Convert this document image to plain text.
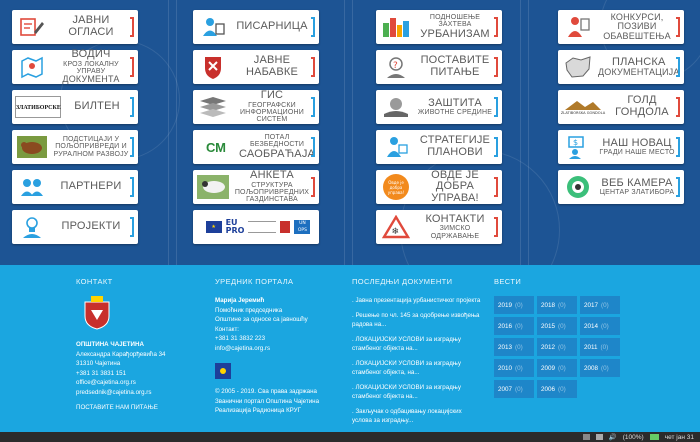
ЈАВНИ ОГЛАСИ
ВОДИЧ
КРОЗ ЛОКАЛНУ УПРАВУ
ДОКУМЕНТА
ЗЛАТИБОРСКЕ	БИЛТЕН
ПОДСТИЦАЈИ У
ПОЉОПРИВРЕДИ И
РУРАЛНОМ РАЗВОЈУ
ПАРТНЕРИ
ПРОЈЕКТИ
ПИСАРНИЦА
ЈАВНЕ НАБАВКЕ
ГИС
ГЕОГРАФСКИ
ИНФОРМАЦИОНИ
СИСТЕМ
СМ
ПОТАЛ БЕЗБЕДНОСТИ
САОБРАЋАЈА
АНКЕТА
СТРУКТУРА
ПОЉОПРИВРЕДНИХ
ГАЗДИНСТАВА
★	EU
PRO
UN OPS
ПОДНОШЕЊЕ ЗАХТЕВА
УРБАНИЗАМ
?	ПОСТАВИТЕ
ПИТАЊЕ
ЗАШТИТА
ЖИВОТНЕ СРЕДИНЕ
СТРАТЕГИЈЕ
ПЛАНОВИ
Овде је добра управа!
ОВДЕ ЈЕ
ДОБРА УПРАВА!
❄
КОНТАКТИ
ЗИМСКО ОДРЖАВАЊЕ
КОНКУРСИ, ПОЗИВИ
ОБАВЕШТЕЊА
ПЛАНСКА
ДОКУМЕНТАЦИЈА
ZLATIBORSKA GONDOLA
ГОЛД
ГОНДОЛА
$	НАШ НОВАЦ
ГРАДИ НАШЕ МЕСТО
ВЕБ КАМЕРА
ЦЕНТАР ЗЛАТИБОРА
КОНТАКТ
ОПШТИНА ЧАЈЕТИНА
Александра Карађорђевића 34
31310 Чајетина
+381 31 3831 151
office@cajetina.org.rs
predsednik@cajetina.org.rs
ПОСТАВИТЕ НАМ ПИТАЊЕ
УРЕДНИК ПОРТАЛА
Марија Јеремић
Помоћник председника
Општине за односе са јавношћу
Контакт:
+381 31 3832 223
info@cajetina.org.rs
© 2005 - 2019. Сва права задржана
Званични портал Општина Чајетина
Реализација Радионица КРУГ
ПОСЛЕДЊИ ДОКУМЕНТИ
. Јавна презентација урбанистичког пројекта
. Решење по чл. 145 за одобрење извођења радова на...
. ЛОКАЦИЈСКИ УСЛОВИ за изградњу стамбеног објекта на...
. ЛОКАЦИЈСКИ УСЛОВИ за изградњу стамбеног објекта, на...
. ЛОКАЦИЈСКИ УСЛОВИ за изградњу стамбеног објекта на...
. Закључак о одбацивању локацијских услова за изградњу...
ВЕСТИ
2019 (0)	2018 (0)	2017 (0)
2016 (0)	2015 (0)	2014 (0)
2013 (0)	2012 (0)	2011 (0)
2010 (0)	2009 (0)	2008 (0)
2007 (0)	2006 (0)
🔊 (100%)	чет јан 31
